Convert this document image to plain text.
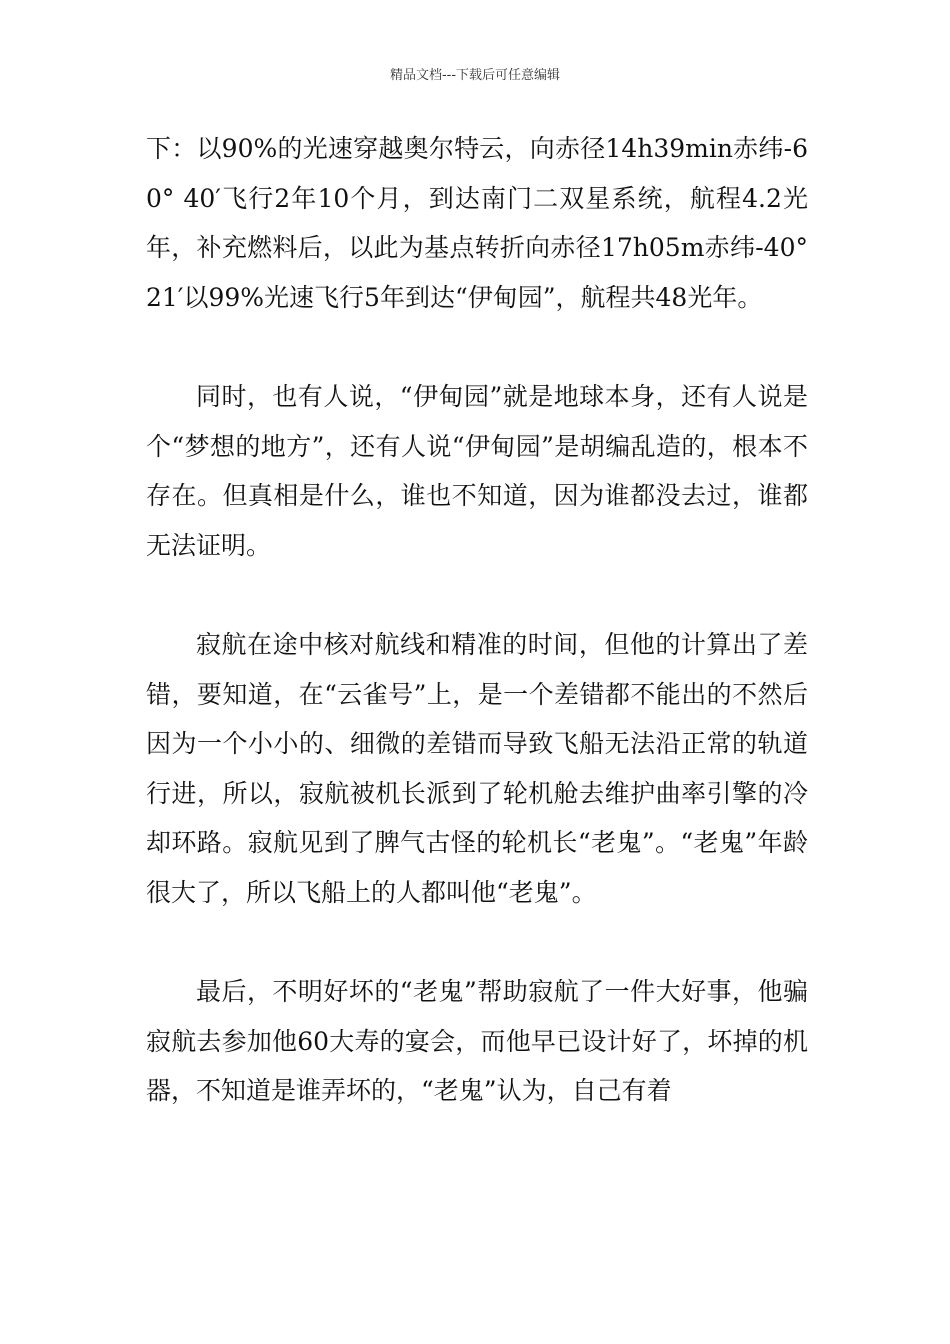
精品文档---下载后可任意编辑

下：以90%的光速穿越奥尔特云，向赤径14h39min赤纬-60° 40′飞行2年10个月，到达南门二双星系统，航程4.2光年，补充燃料后，以此为基点转折向赤径17h05m赤纬-40° 21′以99%光速飞行5年到达“伊甸园”，航程共48光年。

同时，也有人说，“伊甸园”就是地球本身，还有人说是个“梦想的地方”，还有人说“伊甸园”是胡编乱造的，根本不存在。但真相是什么，谁也不知道，因为谁都没去过，谁都无法证明。

寂航在途中核对航线和精准的时间，但他的计算出了差错，要知道，在“云雀号”上，是一个差错都不能出的不然后因为一个小小的、细微的差错而导致飞船无法沿正常的轨道行进，所以，寂航被机长派到了轮机舱去维护曲率引擎的冷却环路。寂航见到了脾气古怪的轮机长“老鬼”。“老鬼”年龄很大了，所以飞船上的人都叫他“老鬼”。

最后，不明好坏的“老鬼”帮助寂航了一件大好事，他骗寂航去参加他60大寿的宴会，而他早已设计好了，坏掉的机器，不知道是谁弄坏的，“老鬼”认为，自己有着
